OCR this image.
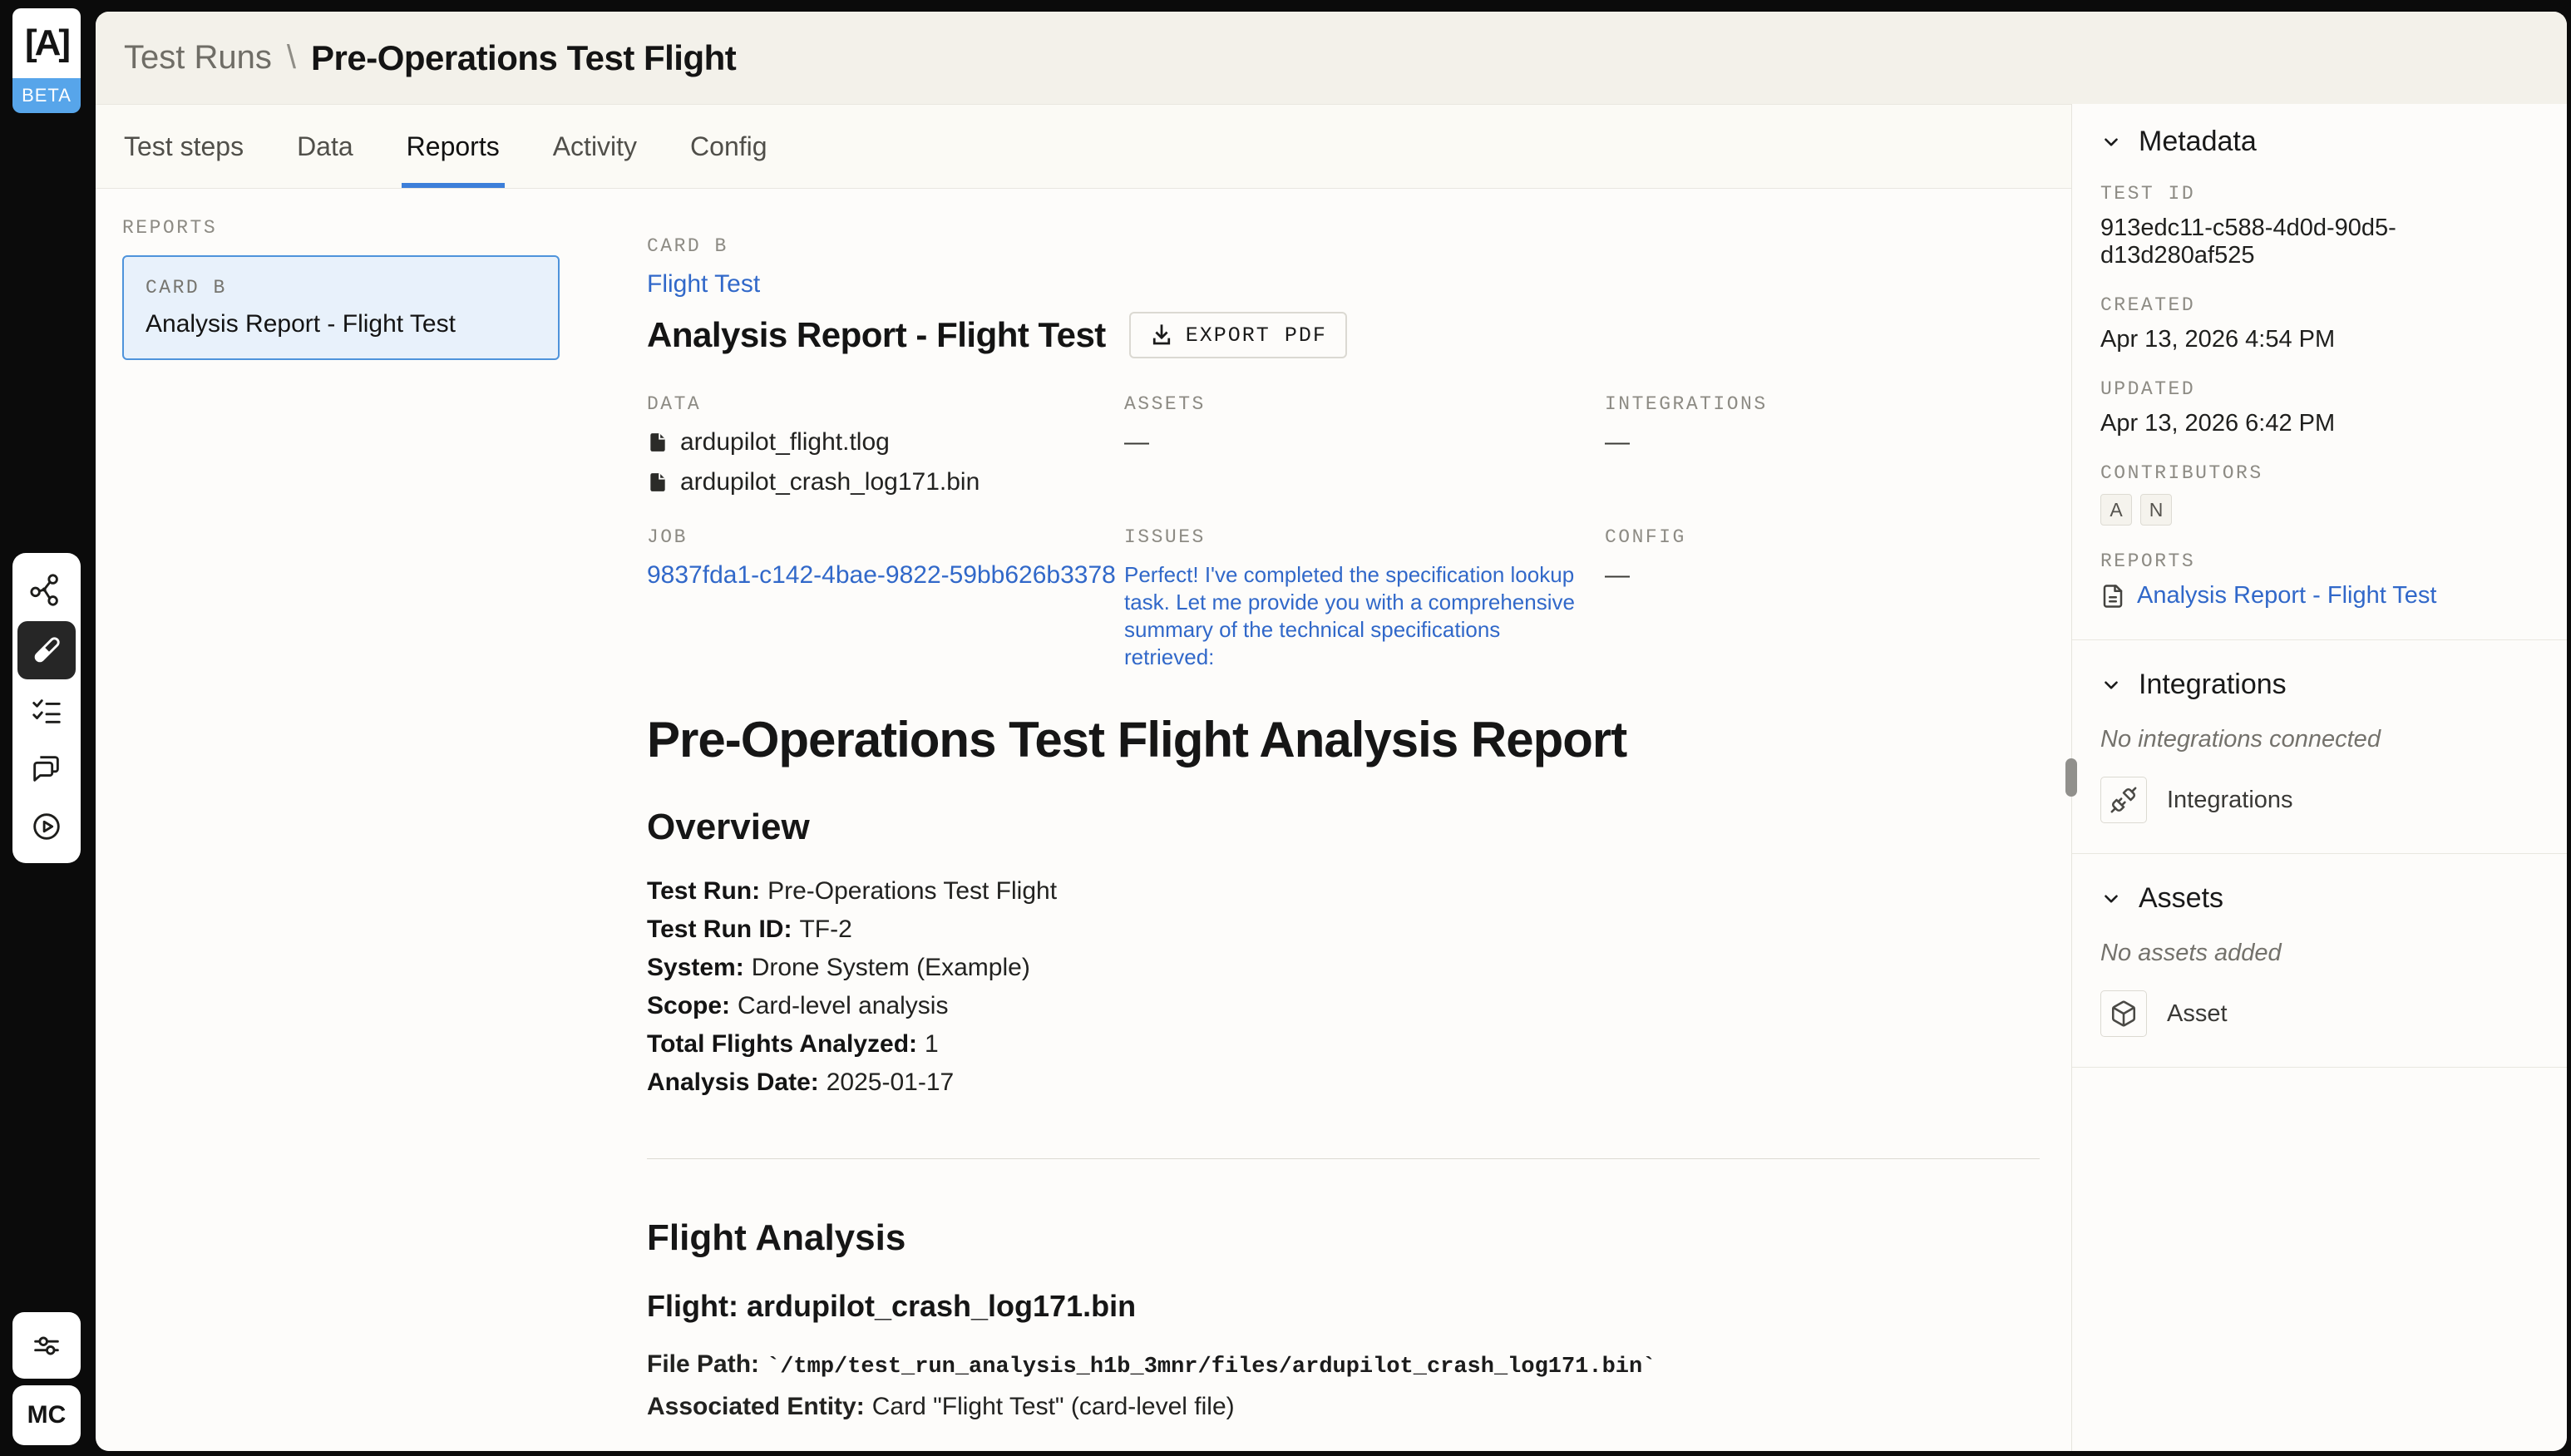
[A]
BETA
MC
Test Runs \ Pre-Operations Test Flight
Test steps Data Reports Activity Config
REPORTS
CARD B
Analysis Report - Flight Test
CARD B
Flight Test
Analysis Report - Flight Test	EXPORT PDF
DATA
ardupilot_flight.tlog
ardupilot_crash_log171.bin
ASSETS
—
INTEGRATIONS
—
JOB
9837fda1-c142-4bae-9822-59bb626b3378
ISSUES
Perfect! I've completed the specification lookup task. Let me provide you with a comprehensive summary of the technical specifications retrieved:
CONFIG
—
Pre-Operations Test Flight Analysis Report
Overview

Test Run: Pre-Operations Test Flight

Test Run ID: TF-2

System: Drone System (Example)

Scope: Card-level analysis

Total Flights Analyzed: 1

Analysis Date: 2025-01-17

Flight Analysis
Flight: ardupilot_crash_log171.bin

File Path: `/tmp/test_run_analysis_h1b_3mnr/files/ardupilot_crash_log171.bin`

Associated Entity: Card "Flight Test" (card-level file)

Metadata
TEST ID
913edc11-c588-4d0d-90d5-d13d280af525
CREATED
Apr 13, 2026 4:54 PM
UPDATED
Apr 13, 2026 6:42 PM
CONTRIBUTORS
A	N
REPORTS
Analysis Report - Flight Test
Integrations
No integrations connected
Integrations
Assets
No assets added
Asset
